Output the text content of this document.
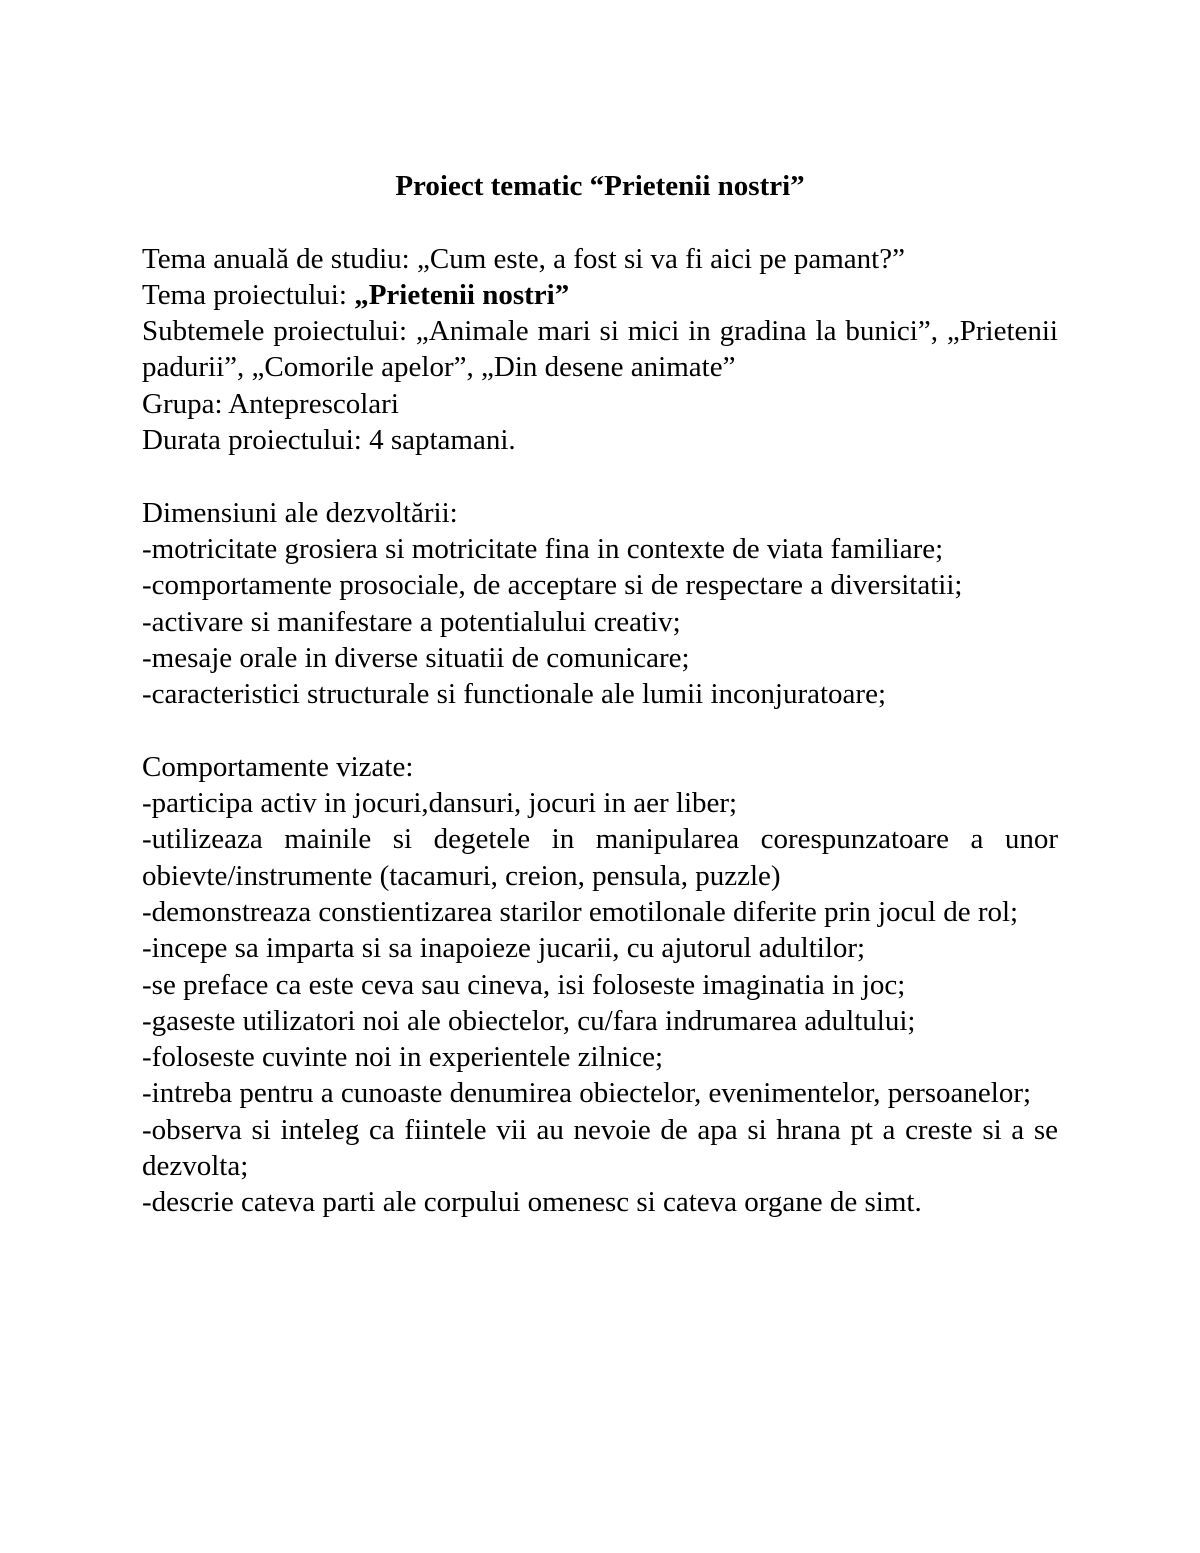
Proiect tematic “Prietenii nostri”

Tema anuală de studiu: „Cum este, a fost si va fi aici pe pamant?”

Tema proiectului: „Prietenii nostri”

Subtemele proiectului: „Animale mari si mici in gradina la bunici”, „Prietenii padurii”, „Comorile apelor”, „Din desene animate”

Grupa: Anteprescolari

Durata proiectului: 4 saptamani.

Dimensiuni ale dezvoltării:

-motricitate grosiera si motricitate fina in contexte de viata familiare;
-comportamente prosociale, de acceptare si de respectare a diversitatii;
-activare si manifestare a potentialului creativ;
-mesaje orale in diverse situatii de comunicare;
-caracteristici structurale si functionale ale lumii inconjuratoare;

Comportamente vizate:

-participa activ in jocuri,dansuri, jocuri in aer liber;
-utilizeaza mainile si degetele in manipularea corespunzatoare a unor obievte/instrumente (tacamuri, creion, pensula, puzzle)
-demonstreaza constientizarea starilor emotilonale diferite prin jocul de rol;
-incepe sa imparta si sa inapoieze jucarii, cu ajutorul adultilor;
-se preface ca este ceva sau cineva, isi foloseste imaginatia in joc;
-gaseste utilizatori noi ale obiectelor, cu/fara indrumarea adultului;
-foloseste cuvinte noi in experientele zilnice;
-intreba pentru a cunoaste denumirea obiectelor, evenimentelor, persoanelor;
-observa si inteleg ca fiintele vii au nevoie de apa si hrana pt a creste si a se dezvolta;
-descrie cateva parti ale corpului omenesc si cateva organe de simt.
